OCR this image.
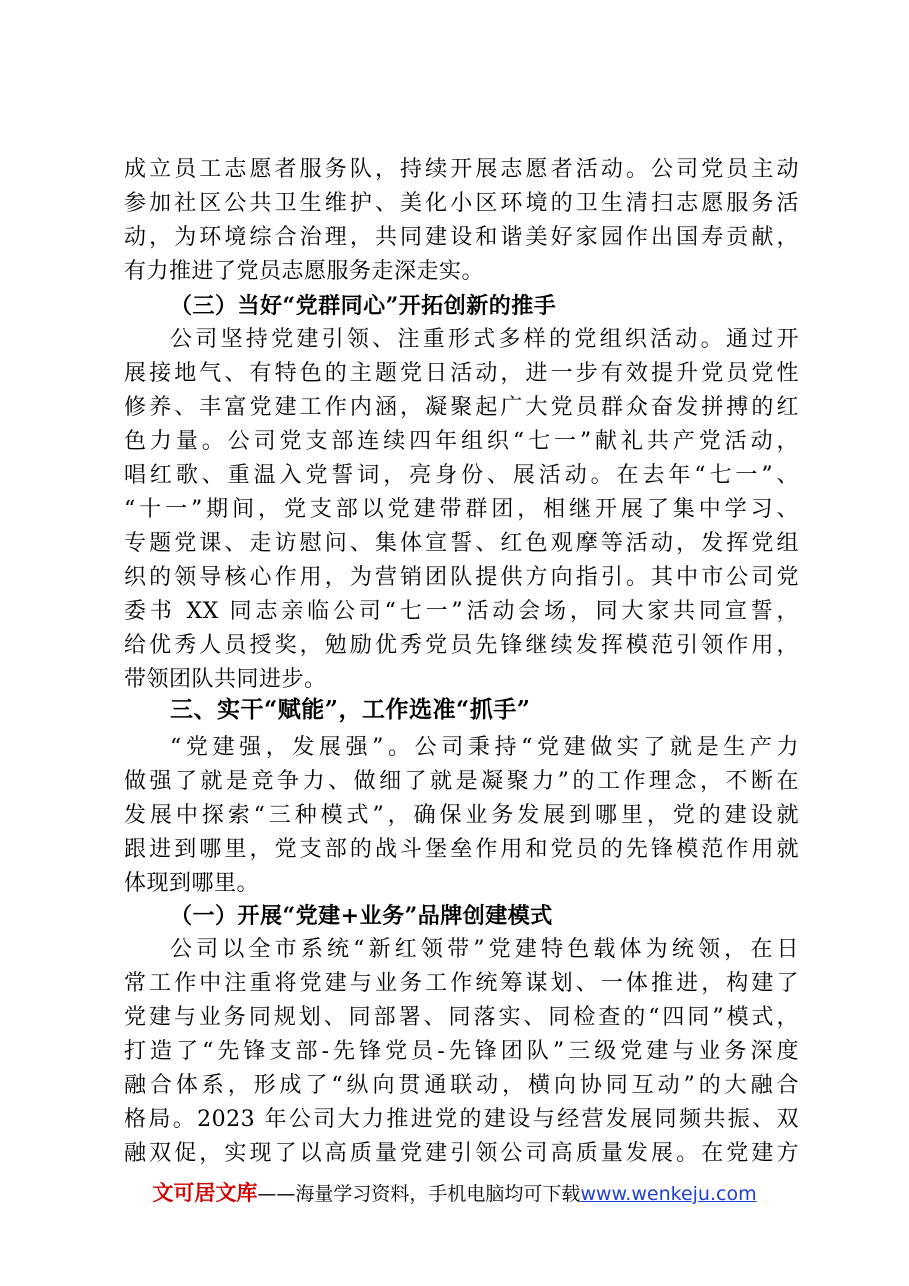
成立员工志愿者服务队，持续开展志愿者活动。公司党员主动
参加社区公共卫生维护、美化小区环境的卫生清扫志愿服务活
动，为环境综合治理，共同建设和谐美好家园作出国寿贡献，
有力推进了党员志愿服务走深走实。
（三）当好“党群同心”开拓创新的推手
公司坚持党建引领、注重形式多样的党组织活动。通过开
展接地气、有特色的主题党日活动，进一步有效提升党员党性
修养、丰富党建工作内涵，凝聚起广大党员群众奋发拼搏的红
色力量。公司党支部连续四年组织“七一”献礼共产党活动，
唱红歌、重温入党誓词，亮身份、展活动。在去年“七一”、
“十一”期间，党支部以党建带群团，相继开展了集中学习、
专题党课、走访慰问、集体宣誓、红色观摩等活动，发挥党组
织的领导核心作用，为营销团队提供方向指引。其中市公司党
委书 XX 同志亲临公司“七一”活动会场，同大家共同宣誓，
给优秀人员授奖，勉励优秀党员先锋继续发挥模范引领作用，
带领团队共同进步。
三、实干“赋能”，工作选准“抓手”
“党建强，发展强”。公司秉持“党建做实了就是生产力
做强了就是竞争力、做细了就是凝聚力”的工作理念，不断在
发展中探索“三种模式”，确保业务发展到哪里，党的建设就
跟进到哪里，党支部的战斗堡垒作用和党员的先锋模范作用就
体现到哪里。
（一）开展“党建+业务”品牌创建模式
公司以全市系统“新红领带”党建特色载体为统领，在日
常工作中注重将党建与业务工作统筹谋划、一体推进，构建了
党建与业务同规划、同部署、同落实、同检查的“四同”模式，
打造了“先锋支部-先锋党员-先锋团队”三级党建与业务深度
融合体系，形成了“纵向贯通联动，横向协同互动”的大融合
格局。2023 年公司大力推进党的建设与经营发展同频共振、双
融双促，实现了以高质量党建引领公司高质量发展。在党建方
文可居文库——海量学习资料，手机电脑均可下载www.wenkeju.com
